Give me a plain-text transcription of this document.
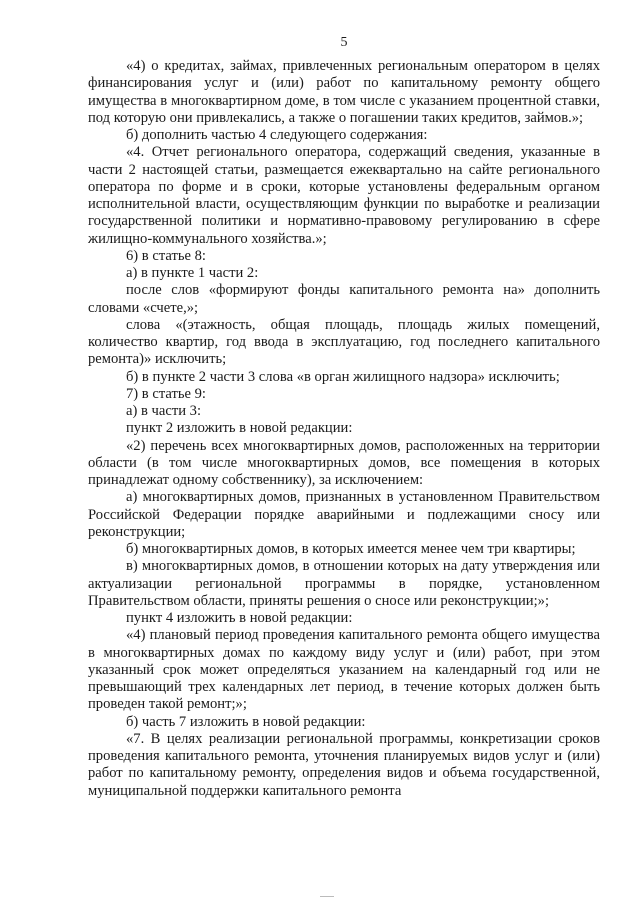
5

«4) о кредитах, займах, привлеченных региональным оператором в целях финансирования услуг и (или) работ по капитальному ремонту общего имущества в многоквартирном доме, в том числе с указанием процентной ставки, под которую они привлекались, а также о погашении таких кредитов, займов.»;

б) дополнить частью 4 следующего содержания:

«4. Отчет регионального оператора, содержащий сведения, указанные в части 2 настоящей статьи, размещается ежеквартально на сайте регионального оператора по форме и в сроки, которые установлены федеральным органом исполнительной власти, осуществляющим функции по выработке и реализации государственной политики и нормативно-правовому регулированию в сфере жилищно-коммунального хозяйства.»;

6) в статье 8:

а) в пункте 1 части 2:

после слов «формируют фонды капитального ремонта на» дополнить словами «счете,»;

слова «(этажность, общая площадь, площадь жилых помещений, количество квартир, год ввода в эксплуатацию, год последнего капитального ремонта)» исключить;

б) в пункте 2 части 3 слова «в орган жилищного надзора» исключить;

7) в статье 9:

а) в части 3:

пункт 2 изложить в новой редакции:

«2) перечень всех многоквартирных домов, расположенных на территории области (в том числе многоквартирных домов, все помещения в которых принадлежат одному собственнику), за исключением:

а) многоквартирных домов, признанных в установленном Правительством Российской Федерации порядке аварийными и подлежащими сносу или реконструкции;

б) многоквартирных домов, в которых имеется менее чем три квартиры;

в) многоквартирных домов, в отношении которых на дату утверждения или актуализации региональной программы в порядке, установленном Правительством области, приняты решения о сносе или реконструкции;»;

пункт 4 изложить в новой редакции:

«4) плановый период проведения капитального ремонта общего имущества в многоквартирных домах по каждому виду услуг и (или) работ, при этом указанный срок может определяться указанием на календарный год или не превышающий трех календарных лет период, в течение которых должен быть проведен такой ремонт;»;

б) часть 7 изложить в новой редакции:

«7. В целях реализации региональной программы, конкретизации сроков проведения капитального ремонта, уточнения планируемых видов услуг и (или) работ по капитальному ремонту, определения видов и объема государственной, муниципальной поддержки капитального ремонта
